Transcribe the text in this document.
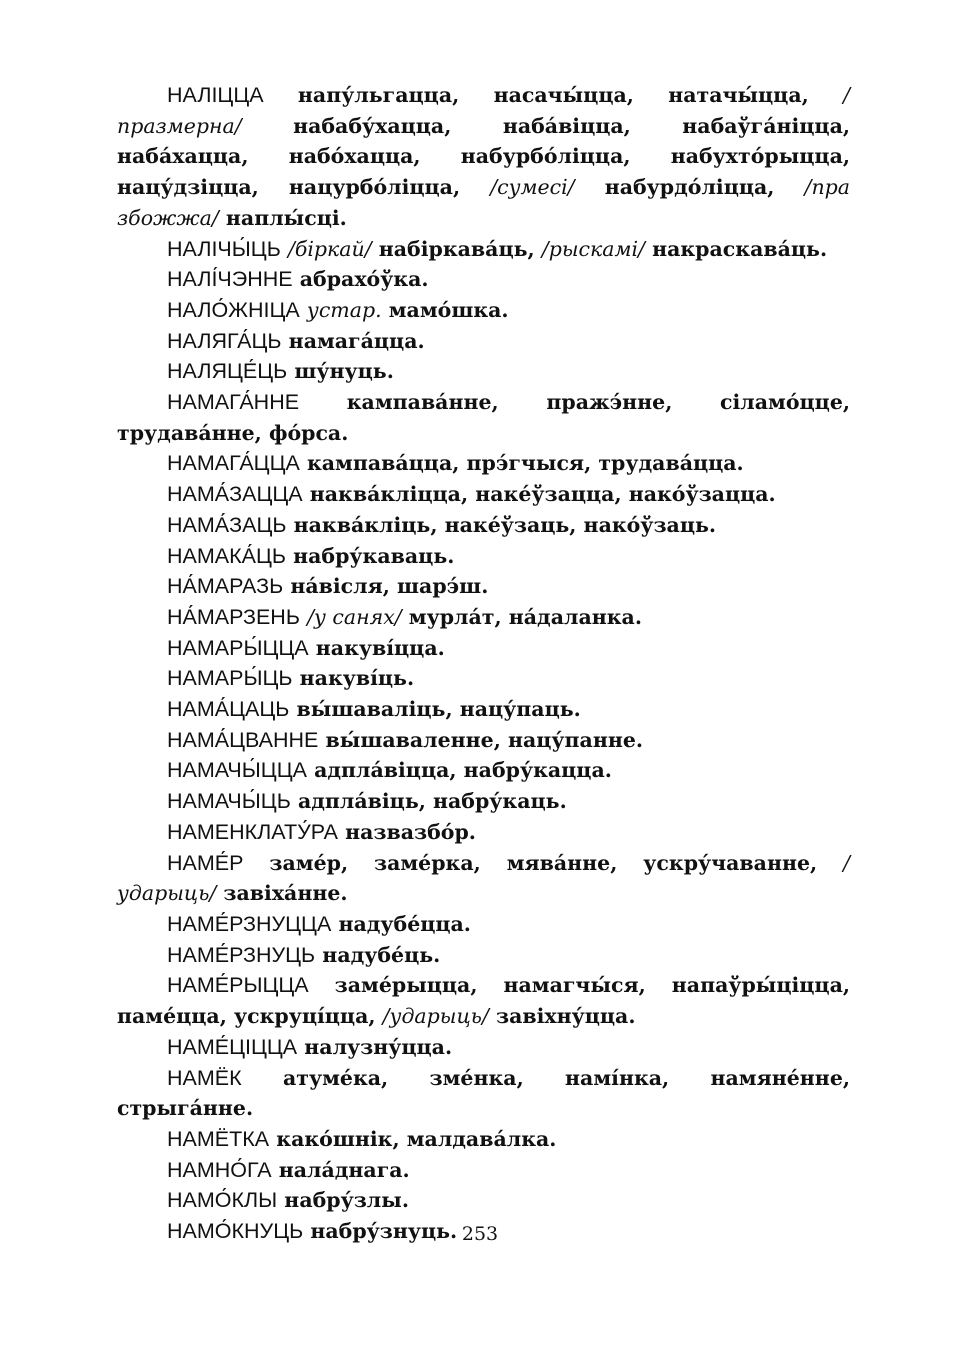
НАЛІЦЦА напу́льгацца, насачы́цца, натачы́цца, /празмерна/ набабу́хацца, наба́віцца, набаўга́ніцца, наба́хацца, набо́хацца, набурбо́ліцца, набухто́рыцца, нацу́дзіцца, нацурбо́ліцца, /сумесі/ набурдо́ліцца, /пра збожжа/ наплы́сці.

НАЛІЧЫ́ЦЬ /біркай/ набіркава́ць, /рыскамі/ накраскава́ць.

НАЛІ́ЧЭННЕ абрахо́ўка.

НАЛО́ЖНІЦА устар. мамо́шка.

НАЛЯГА́ЦЬ намага́цца.

НАЛЯЦЕ́ЦЬ шу́нуць.

НАМАГА́ННЕ кампава́нне, пражэ́нне, сіламо́цце, трудава́нне, фо́рса.

НАМАГА́ЦЦА кампава́цца, прэ́гчыся, трудава́цца.

НАМА́ЗАЦЦА наква́кліцца, наке́ўзацца, нако́ўзацца.

НАМА́ЗАЦЬ наква́кліць, наке́ўзаць, нако́ўзаць.

НАМАКА́ЦЬ набру́каваць.

НА́МАРАЗЬ на́вісля, шарэ́ш.

НА́МАРЗЕНЬ /у санях/ мурла́т, на́даланка.

НАМАРЫ́ЦЦА накуві́цца.

НАМАРЫ́ЦЬ накуві́ць.

НАМА́ЦАЦЬ вы́шаваліць, нацу́паць.

НАМА́ЦВАННЕ вы́шаваленне, нацу́панне.

НАМАЧЫ́ЦЦА адпла́віцца, набру́кацца.

НАМАЧЫ́ЦЬ адпла́віць, набру́каць.

НАМЕНКЛАТУ́РА назвазбо́р.

НАМЕ́Р заме́р, заме́рка, мява́нне, ускру́чаванне, /ударыць/ завіха́нне.

НАМЕ́РЗНУЦЦА надубе́цца.

НАМЕ́РЗНУЦЬ надубе́ць.

НАМЕ́РЫЦЦА заме́рыцца, намагчы́ся, напаўры́ціцца, паме́цца, ускруці́цца, /ударыць/ завіхну́цца.

НАМЕ́ЦІЦЦА налузну́цца.

НАМЁК атуме́ка, зме́нка, намі́нка, намяне́нне, стрыга́нне.

НАМЁТКА како́шнік, малдава́лка.

НАМНО́ГА нала́днага.

НАМО́КЛЫ набру́злы.

НАМО́КНУЦЬ набру́знуць. 253
